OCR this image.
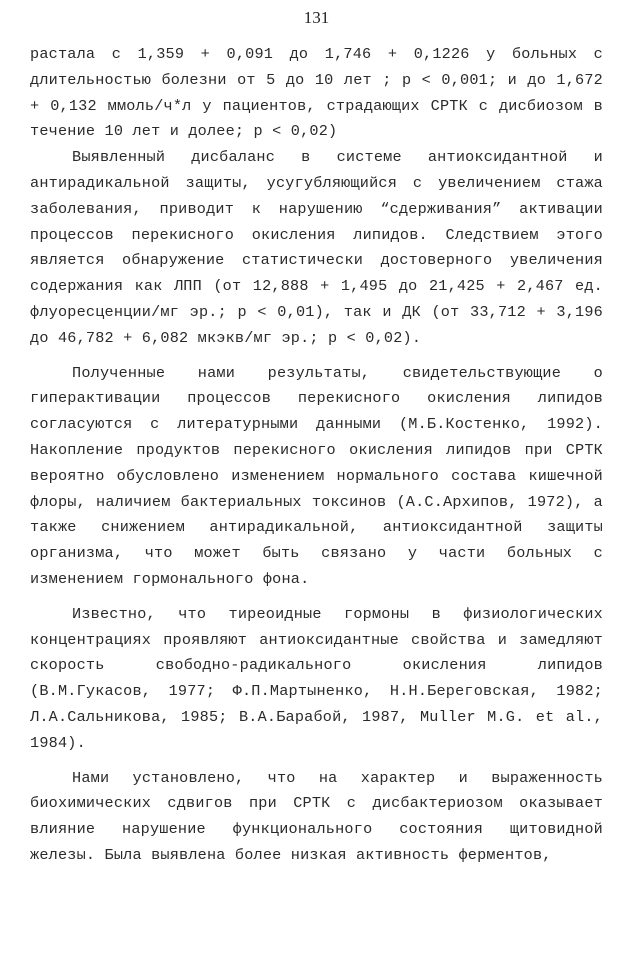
131

растала с 1,359 + 0,091 до 1,746 + 0,1226 у больных с длительностью болезни от 5 до 10 лет ; p < 0,001; и до 1,672 + 0,132 ммоль/ч*л у пациентов, страдающих СРТК с дисбиозом в течение 10 лет и долее; p < 0,02)

Выявленный дисбаланс в системе антиоксидантной и антирадикальной защиты, усугубляющийся с увеличением стажа заболевания, приводит к нарушению “сдерживания” активации процессов перекисного окисления липидов. Следствием этого является обнаружение статистически достоверного увеличения содержания как ЛПП (от 12,888 + 1,495 до 21,425 + 2,467 ед. флуоресценции/мг эр.; p < 0,01), так и ДК (от 33,712 + 3,196 до 46,782 + 6,082 мкэкв/мг эр.; p < 0,02).

Полученные нами результаты, свидетельствующие о гиперактивации процессов перекисного окисления липидов согласуются с литературными данными (М.Б.Костенко, 1992). Накопление продуктов перекисного окисления липидов при СРТК вероятно обусловлено изменением нормального состава кишечной флоры, наличием бактериальных токсинов (А.С.Архипов, 1972), а также снижением антирадикальной, антиоксидантной защиты организма, что может быть связано у части больных с изменением гормонального фона.

Известно, что тиреоидные гормоны в физиологических концентрациях проявляют антиоксидантные свойства и замедляют скорость свободно-радикального окисления липидов (В.М.Гукасов, 1977; Ф.П.Мартыненко, Н.Н.Береговская, 1982; Л.А.Сальникова, 1985; В.А.Барабой, 1987, Muller M.G. et al., 1984).

Нами установлено, что на характер и выраженность биохимических сдвигов при СРТК с дисбактериозом оказывает влияние нарушение функционального состояния щитовидной железы. Была выявлена более низкая активность ферментов,
